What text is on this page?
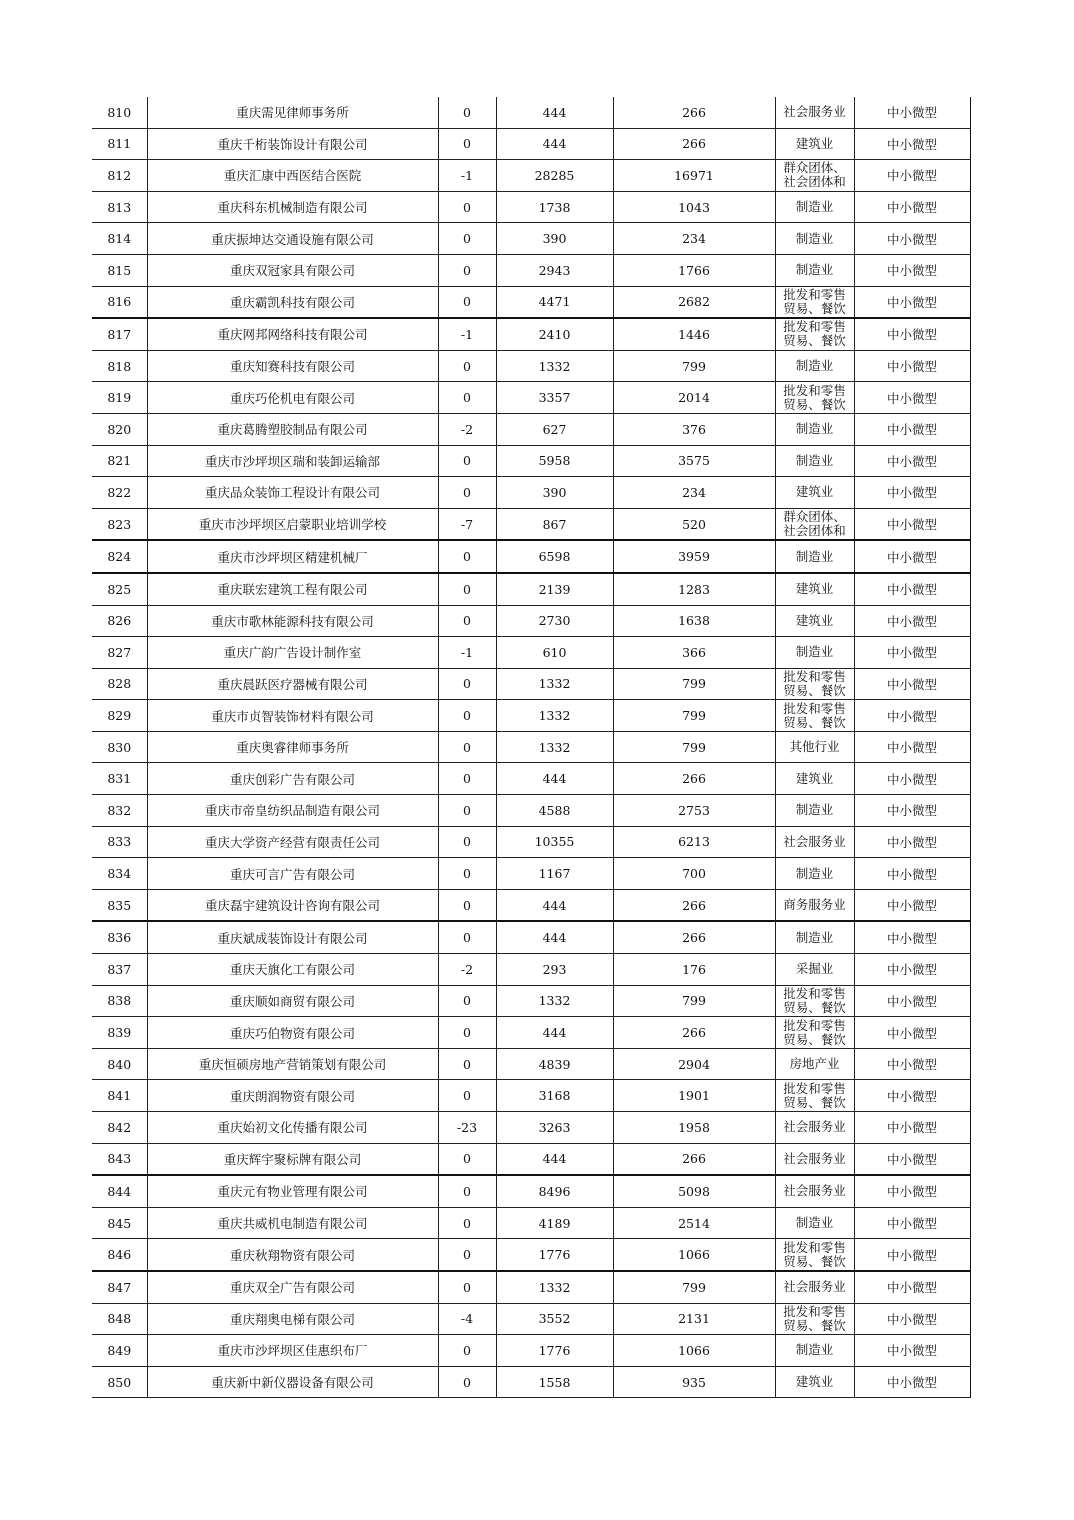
810	重庆需见律师事务所	0	444	266	社会服务业	中小微型
811	重庆千桁装饰设计有限公司	0	444	266	建筑业	中小微型
812	重庆汇康中西医结合医院	-1	28285	16971	群众团体、社会团体和	中小微型
813	重庆科东机械制造有限公司	0	1738	1043	制造业	中小微型
814	重庆振坤达交通设施有限公司	0	390	234	制造业	中小微型
815	重庆双冠家具有限公司	0	2943	1766	制造业	中小微型
816	重庆霸凯科技有限公司	0	4471	2682	批发和零售贸易、餐饮	中小微型
817	重庆网邦网络科技有限公司	-1	2410	1446	批发和零售贸易、餐饮	中小微型
818	重庆知赛科技有限公司	0	1332	799	制造业	中小微型
819	重庆巧伦机电有限公司	0	3357	2014	批发和零售贸易、餐饮	中小微型
820	重庆葛腾塑胶制品有限公司	-2	627	376	制造业	中小微型
821	重庆市沙坪坝区瑞和装卸运输部	0	5958	3575	制造业	中小微型
822	重庆品众装饰工程设计有限公司	0	390	234	建筑业	中小微型
823	重庆市沙坪坝区启蒙职业培训学校	-7	867	520	群众团体、社会团体和	中小微型
824	重庆市沙坪坝区精建机械厂	0	6598	3959	制造业	中小微型
825	重庆联宏建筑工程有限公司	0	2139	1283	建筑业	中小微型
826	重庆市歌林能源科技有限公司	0	2730	1638	建筑业	中小微型
827	重庆广韵广告设计制作室	-1	610	366	制造业	中小微型
828	重庆晨跃医疗器械有限公司	0	1332	799	批发和零售贸易、餐饮	中小微型
829	重庆市贞智装饰材料有限公司	0	1332	799	批发和零售贸易、餐饮	中小微型
830	重庆奥睿律师事务所	0	1332	799	其他行业	中小微型
831	重庆创彩广告有限公司	0	444	266	建筑业	中小微型
832	重庆市帝皇纺织品制造有限公司	0	4588	2753	制造业	中小微型
833	重庆大学资产经营有限责任公司	0	10355	6213	社会服务业	中小微型
834	重庆可言广告有限公司	0	1167	700	制造业	中小微型
835	重庆磊宇建筑设计咨询有限公司	0	444	266	商务服务业	中小微型
836	重庆斌成装饰设计有限公司	0	444	266	制造业	中小微型
837	重庆天旗化工有限公司	-2	293	176	采掘业	中小微型
838	重庆顺如商贸有限公司	0	1332	799	批发和零售贸易、餐饮	中小微型
839	重庆巧伯物资有限公司	0	444	266	批发和零售贸易、餐饮	中小微型
840	重庆恒硕房地产营销策划有限公司	0	4839	2904	房地产业	中小微型
841	重庆朗润物资有限公司	0	3168	1901	批发和零售贸易、餐饮	中小微型
842	重庆始初文化传播有限公司	-23	3263	1958	社会服务业	中小微型
843	重庆辉宇聚标牌有限公司	0	444	266	社会服务业	中小微型
844	重庆元有物业管理有限公司	0	8496	5098	社会服务业	中小微型
845	重庆共威机电制造有限公司	0	4189	2514	制造业	中小微型
846	重庆秋翔物资有限公司	0	1776	1066	批发和零售贸易、餐饮	中小微型
847	重庆双全广告有限公司	0	1332	799	社会服务业	中小微型
848	重庆翔奥电梯有限公司	-4	3552	2131	批发和零售贸易、餐饮	中小微型
849	重庆市沙坪坝区佳惠织布厂	0	1776	1066	制造业	中小微型
850	重庆新中新仪器设备有限公司	0	1558	935	建筑业	中小微型
